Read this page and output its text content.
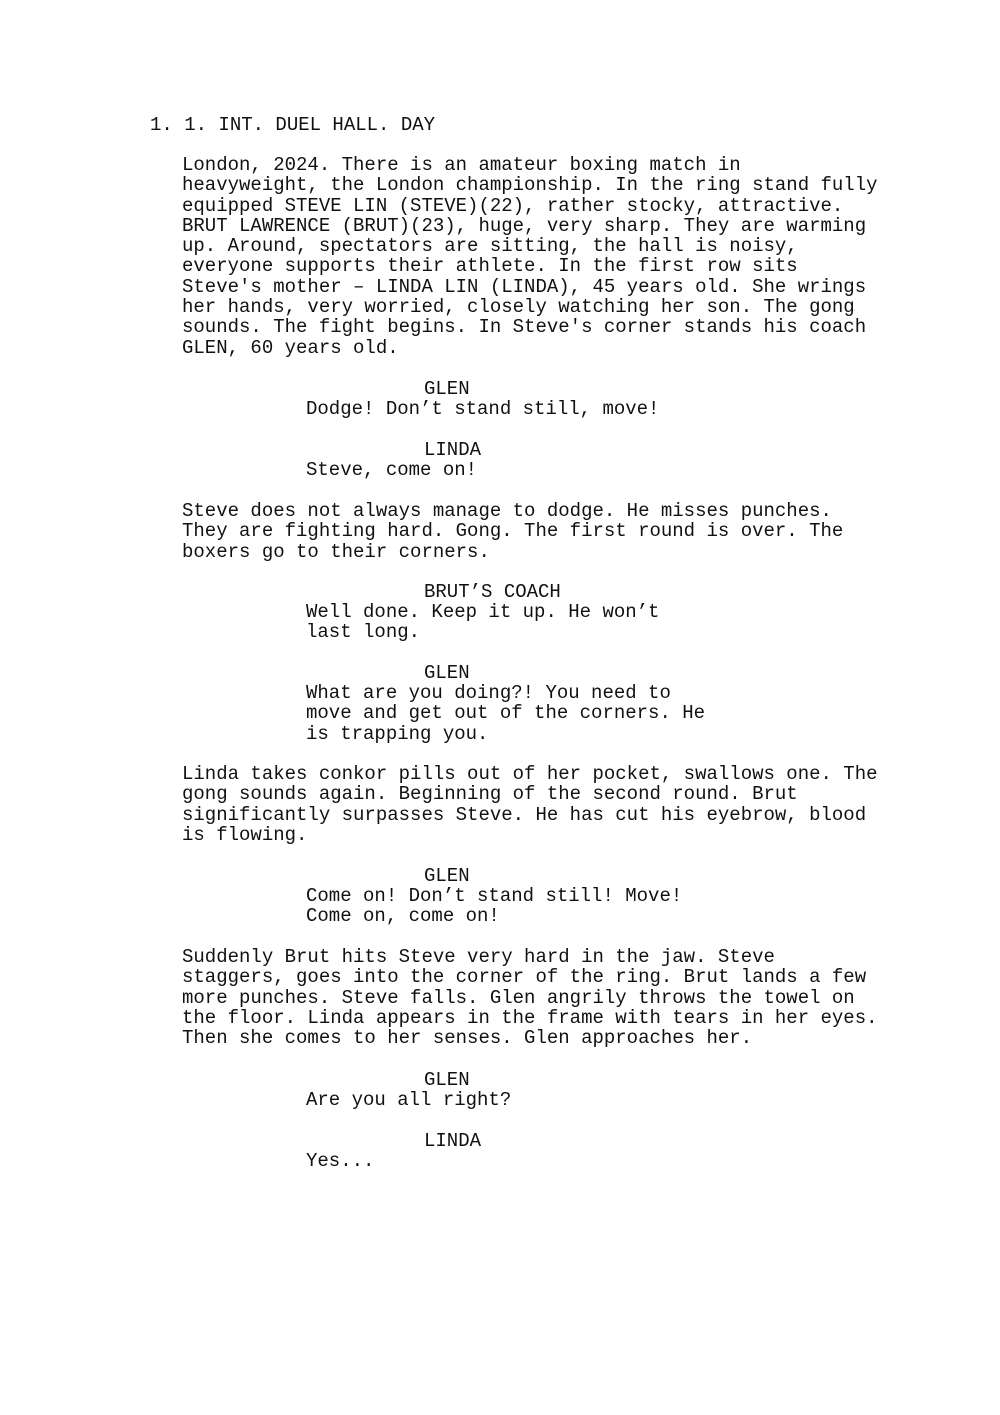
1. 1. INT. DUEL HALL. DAY
London, 2024. There is an amateur boxing match in
heavyweight, the London championship. In the ring stand fully
equipped STEVE LIN (STEVE)(22), rather stocky, attractive.
BRUT LAWRENCE (BRUT)(23), huge, very sharp. They are warming
up. Around, spectators are sitting, the hall is noisy,
everyone supports their athlete. In the first row sits
Steve's mother – LINDA LIN (LINDA), 45 years old. She wrings
her hands, very worried, closely watching her son. The gong
sounds. The fight begins. In Steve's corner stands his coach
GLEN, 60 years old.
GLEN
Dodge! Don’t stand still, move!
LINDA
Steve, come on!
Steve does not always manage to dodge. He misses punches.
They are fighting hard. Gong. The first round is over. The
boxers go to their corners.
BRUT’S COACH
Well done. Keep it up. He won’t
last long.
GLEN
What are you doing?! You need to
move and get out of the corners. He
is trapping you.
Linda takes conkor pills out of her pocket, swallows one. The
gong sounds again. Beginning of the second round. Brut
significantly surpasses Steve. He has cut his eyebrow, blood
is flowing.
GLEN
Come on! Don’t stand still! Move!
Come on, come on!
Suddenly Brut hits Steve very hard in the jaw. Steve
staggers, goes into the corner of the ring. Brut lands a few
more punches. Steve falls. Glen angrily throws the towel on
the floor. Linda appears in the frame with tears in her eyes.
Then she comes to her senses. Glen approaches her.
GLEN
Are you all right?
LINDA
Yes...
